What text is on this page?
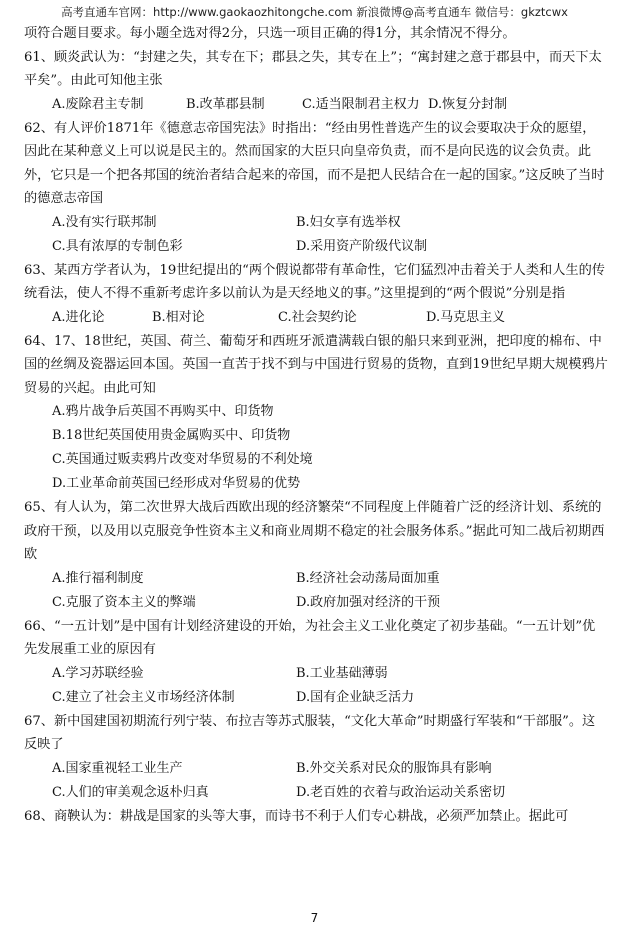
高考直通车官网：http://www.gaokaozhitongche.com 新浪微博@高考直通车 微信号：gkztcwx

项符合题目要求。每小题全选对得2分，只选一项目正确的得1分，其余情况不得分。

61、顾炎武认为：“封建之失，其专在下；郡县之失，其专在上”；“寓封建之意于郡县中，而天下太平矣”。由此可知他主张

A.废除君主专制	B.改革郡县制	C.适当限制君主权力 D.恢复分封制

62、有人评价1871年《德意志帝国宪法》时指出：“经由男性普选产生的议会要取决于众的愿望，因此在某种意义上可以说是民主的。然而国家的大臣只向皇帝负责，而不是向民选的议会负责。此外，它只是一个把各邦国的统治者结合起来的帝国，而不是把人民结合在一起的国家。”这反映了当时的德意志帝国

A.没有实行联邦制	B.妇女享有选举权
C.具有浓厚的专制色彩	D.采用资产阶级代议制

63、某西方学者认为，19世纪提出的“两个假说都带有革命性，它们猛烈冲击着关于人类和人生的传统看法，使人不得不重新考虑许多以前认为是天经地义的事。”这里提到的“两个假说”分别是指

A.进化论	B.相对论	C.社会契约论	D.马克思主义

64、17、18世纪，英国、荷兰、葡萄牙和西班牙派遣满载白银的船只来到亚洲，把印度的棉布、中国的丝绸及瓷器运回本国。英国一直苦于找不到与中国进行贸易的货物，直到19世纪早期大规模鸦片贸易的兴起。由此可知

A.鸦片战争后英国不再购买中、印货物
B.18世纪英国使用贵金属购买中、印货物
C.英国通过贩卖鸦片改变对华贸易的不利处境
D.工业革命前英国已经形成对华贸易的优势

65、有人认为，第二次世界大战后西欧出现的经济繁荣“不同程度上伴随着广泛的经济计划、系统的政府干预，以及用以克服竞争性资本主义和商业周期不稳定的社会服务体系。”据此可知二战后初期西欧

A.推行福利制度	B.经济社会动荡局面加重
C.克服了资本主义的弊端	D.政府加强对经济的干预

66、“一五计划”是中国有计划经济建设的开始，为社会主义工业化奠定了初步基础。“一五计划”优先发展重工业的原因有

A.学习苏联经验	B.工业基础薄弱
C.建立了社会主义市场经济体制	D.国有企业缺乏活力

67、新中国建国初期流行列宁装、布拉吉等苏式服装，“文化大革命”时期盛行军装和“干部服”。这反映了

A.国家重视轻工业生产	B.外交关系对民众的服饰具有影响
C.人们的审美观念返朴归真	D.老百姓的衣着与政治运动关系密切

68、商鞅认为：耕战是国家的头等大事，而诗书不利于人们专心耕战，必须严加禁止。据此可

7
